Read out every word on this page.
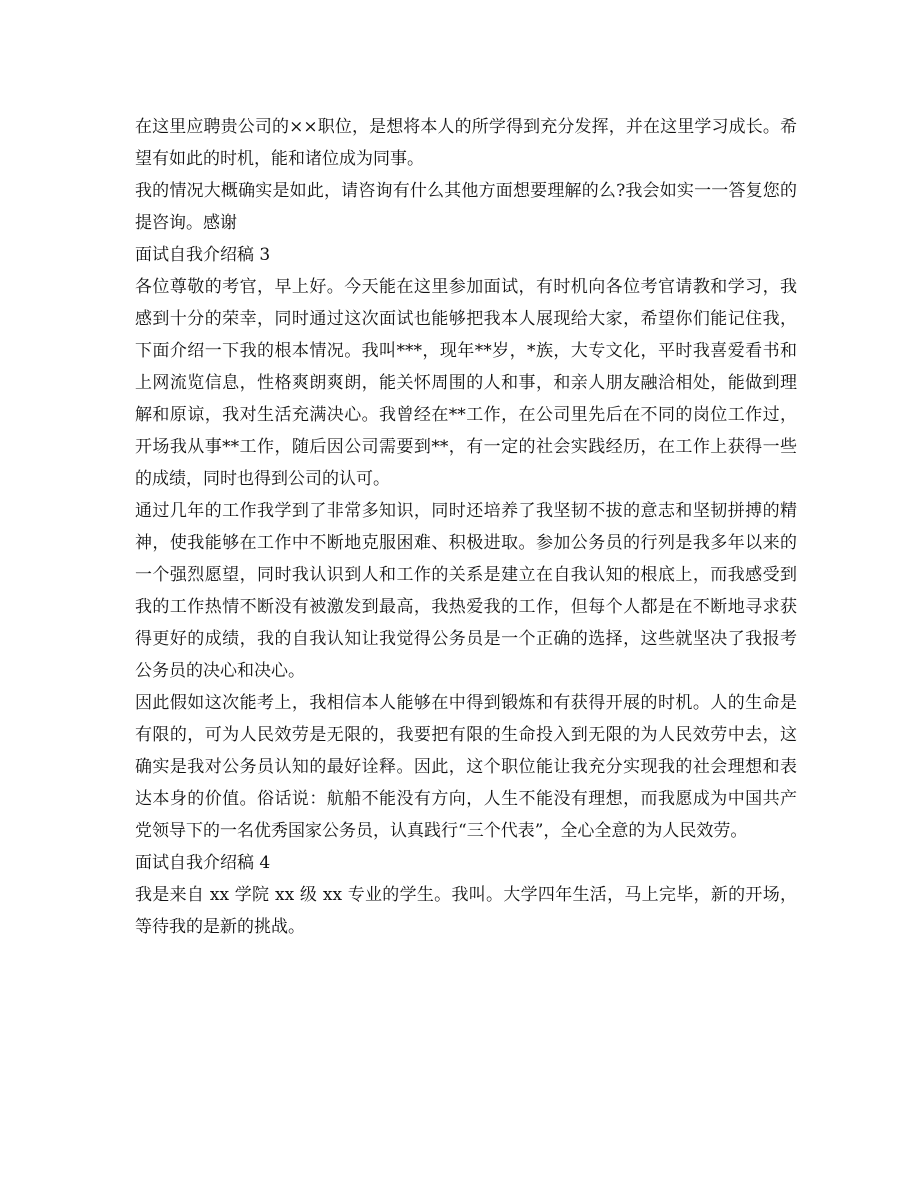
在这里应聘贵公司的××职位，是想将本人的所学得到充分发挥，并在这里学习成长。希望有如此的时机，能和诸位成为同事。

我的情况大概确实是如此，请咨询有什么其他方面想要理解的么?我会如实一一答复您的提咨询。感谢

面试自我介绍稿 3

各位尊敬的考官，早上好。今天能在这里参加面试，有时机向各位考官请教和学习，我感到十分的荣幸，同时通过这次面试也能够把我本人展现给大家，希望你们能记住我，下面介绍一下我的根本情况。我叫***，现年**岁，*族，大专文化，平时我喜爱看书和上网流览信息，性格爽朗爽朗，能关怀周围的人和事，和亲人朋友融洽相处，能做到理解和原谅，我对生活充满决心。我曾经在**工作，在公司里先后在不同的岗位工作过，开场我从事**工作，随后因公司需要到**，有一定的社会实践经历，在工作上获得一些的成绩，同时也得到公司的认可。

通过几年的工作我学到了非常多知识，同时还培养了我坚韧不拔的意志和坚韧拼搏的精神，使我能够在工作中不断地克服困难、积极进取。参加公务员的行列是我多年以来的一个强烈愿望，同时我认识到人和工作的关系是建立在自我认知的根底上，而我感受到我的工作热情不断没有被激发到最高，我热爱我的工作，但每个人都是在不断地寻求获得更好的成绩，我的自我认知让我觉得公务员是一个正确的选择，这些就坚决了我报考公务员的决心和决心。

因此假如这次能考上，我相信本人能够在中得到锻炼和有获得开展的时机。人的生命是有限的，可为人民效劳是无限的，我要把有限的生命投入到无限的为人民效劳中去，这确实是我对公务员认知的最好诠释。因此，这个职位能让我充分实现我的社会理想和表达本身的价值。俗话说：航船不能没有方向，人生不能没有理想，而我愿成为中国共产党领导下的一名优秀国家公务员，认真践行“三个代表”，全心全意的为人民效劳。

面试自我介绍稿 4

我是来自 xx 学院 xx 级 xx 专业的学生。我叫。大学四年生活，马上完毕，新的开场，等待我的是新的挑战。
